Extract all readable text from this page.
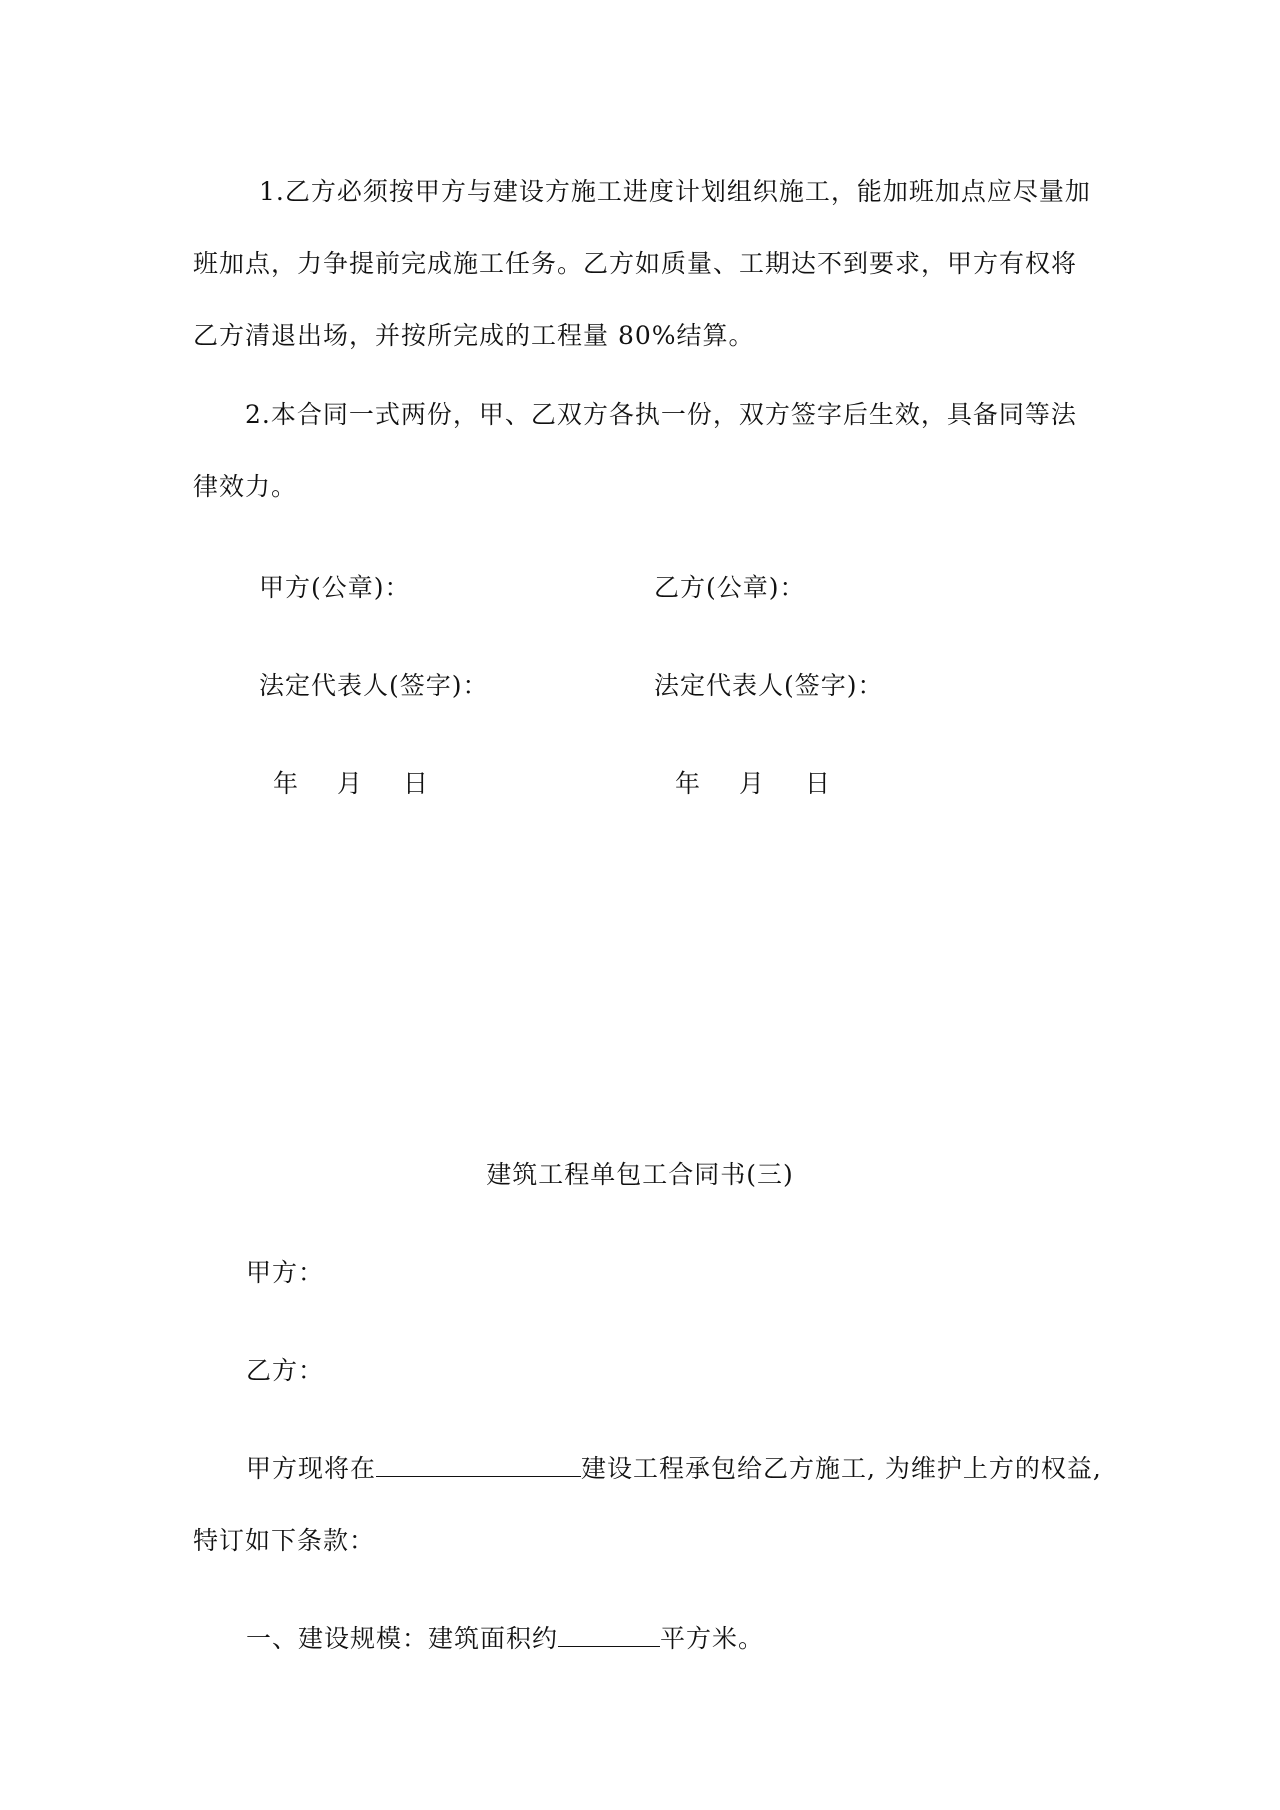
1.乙方必须按甲方与建设方施工进度计划组织施工，能加班加点应尽量加班加点，力争提前完成施工任务。乙方如质量、工期达不到要求，甲方有权将乙方清退出场，并按所完成的工程量 80%结算。

2.本合同一式两份，甲、乙双方各执一份，双方签字后生效，具备同等法律效力。

甲方(公章)：	乙方(公章)：
法定代表人(签字)：	法定代表人(签字)：
年 月 日	年 月 日
建筑工程单包工合同书(三)
甲方：
乙方：
甲方现将在	建设工程承包给乙方施工, 为维护上方的权益,
特订如下条款：
一、建设规模：建筑面积约	平方米。
